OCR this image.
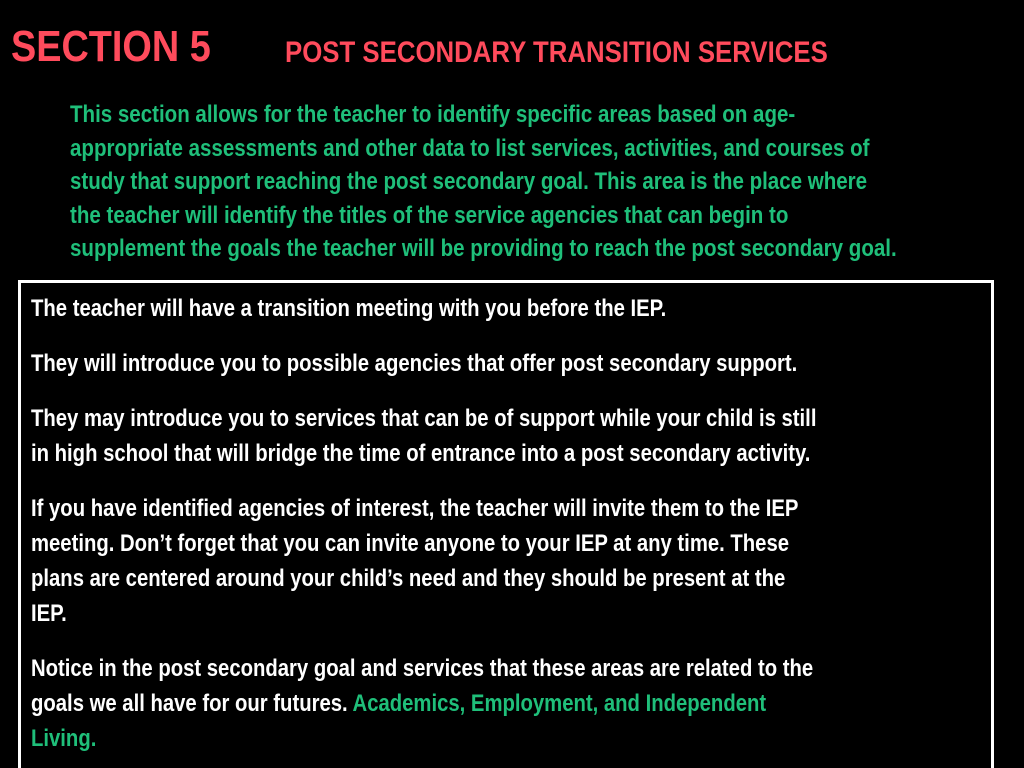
SECTION 5 POST SECONDARY TRANSITION SERVICES
This section allows for the teacher to identify specific areas based on age-
appropriate assessments and other data to list services, activities, and courses of
study that support reaching the post secondary goal. This area is the place where
the teacher will identify the titles of the service agencies that can begin to
supplement the goals the teacher will be providing to reach the post secondary goal.

The teacher will have a transition meeting with you before the IEP.

They will introduce you to possible agencies that offer post secondary support.

They may introduce you to services that can be of support while your child is still
in high school that will bridge the time of entrance into a post secondary activity.

If you have identified agencies of interest, the teacher will invite them to the IEP
meeting. Don’t forget that you can invite anyone to your IEP at any time. These
plans are centered around your child’s need and they should be present at the
IEP.

Notice in the post secondary goal and services that these areas are related to the
goals we all have for our futures. Academics, Employment, and Independent
Living.
